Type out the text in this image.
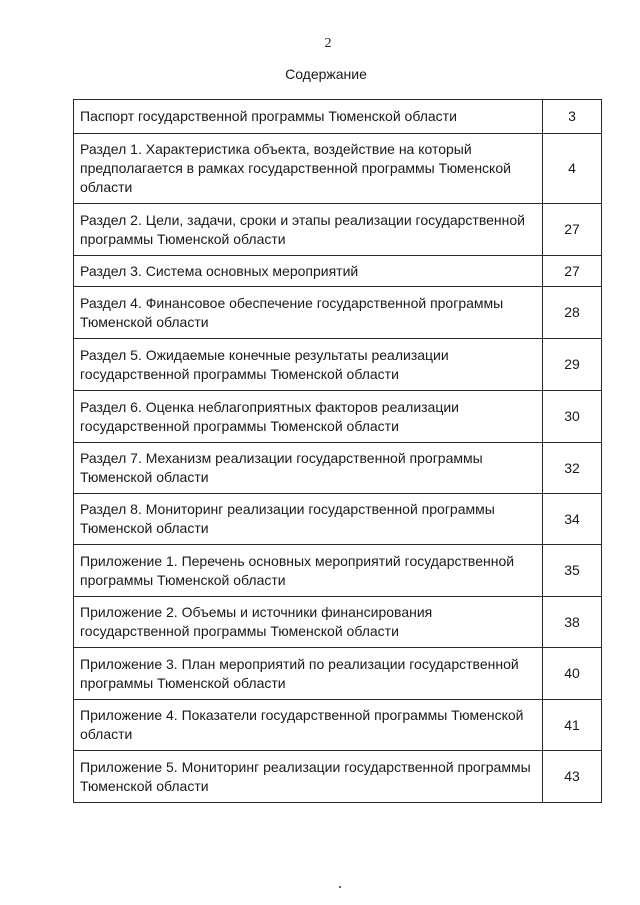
2
Содержание
Паспорт государственной программы Тюменской области	3
Раздел 1. Характеристика объекта, воздействие на который предполагается в рамках государственной программы Тюменской области	4
Раздел 2. Цели, задачи, сроки и этапы реализации государственной программы Тюменской области	27
Раздел 3. Система основных мероприятий	27
Раздел 4. Финансовое обеспечение государственной программы Тюменской области	28
Раздел 5. Ожидаемые конечные результаты реализации государственной программы Тюменской области	29
Раздел 6. Оценка неблагоприятных факторов реализации государственной программы Тюменской области	30
Раздел 7. Механизм реализации государственной программы Тюменской области	32
Раздел 8. Мониторинг реализации государственной программы Тюменской области	34
Приложение 1. Перечень основных мероприятий государственной программы Тюменской области	35
Приложение 2. Объемы и источники финансирования государственной программы Тюменской области	38
Приложение 3. План мероприятий по реализации государственной программы Тюменской области	40
Приложение 4. Показатели государственной программы Тюменской области	41
Приложение 5. Мониторинг реализации государственной программы Тюменской области	43
